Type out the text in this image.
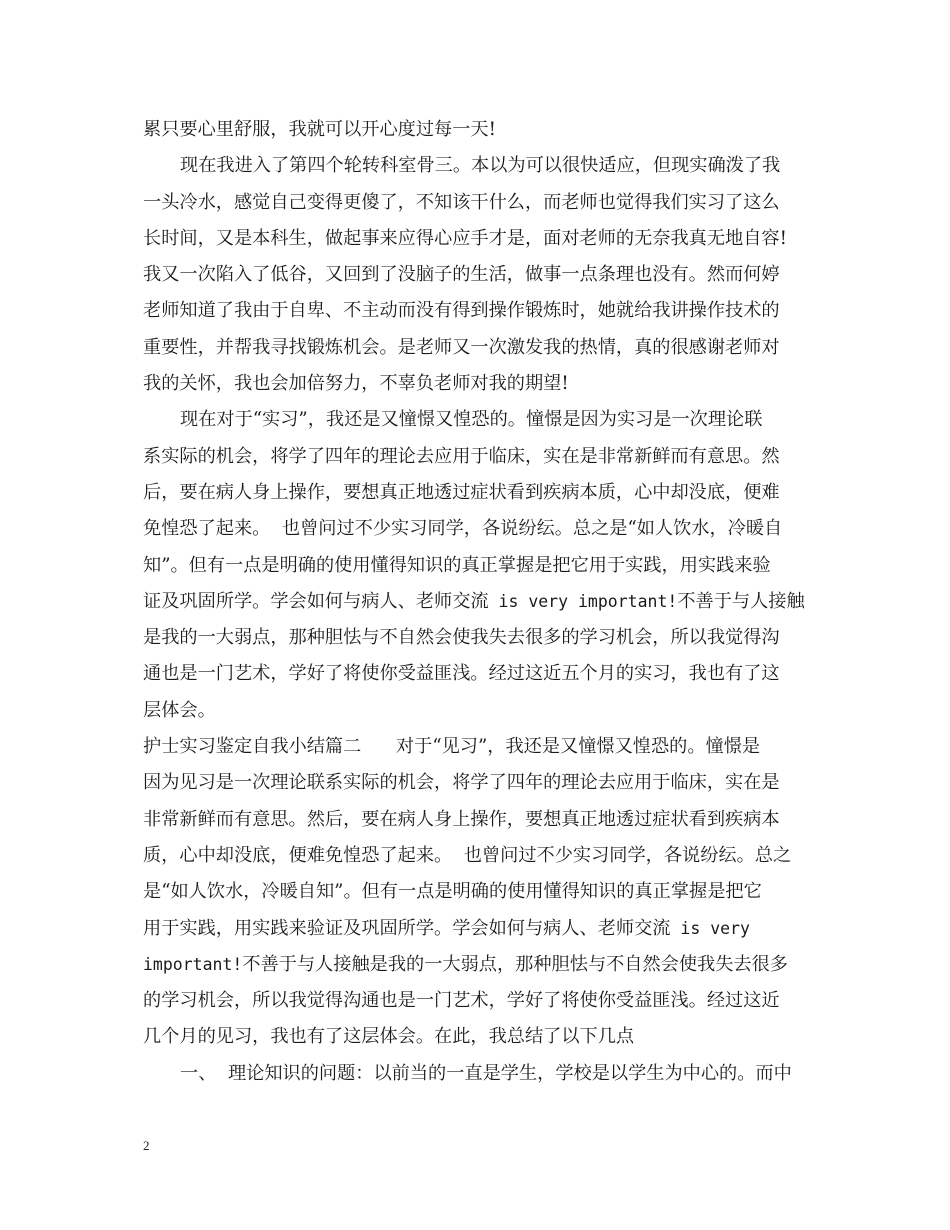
累只要心里舒服，我就可以开心度过每一天!
现在我进入了第四个轮转科室骨三。本以为可以很快适应，但现实确泼了我
一头冷水，感觉自己变得更傻了，不知该干什么，而老师也觉得我们实习了这么
长时间，又是本科生，做起事来应得心应手才是，面对老师的无奈我真无地自容!
我又一次陷入了低谷，又回到了没脑子的生活，做事一点条理也没有。然而何婷
老师知道了我由于自卑、不主动而没有得到操作锻炼时，她就给我讲操作技术的
重要性，并帮我寻找锻炼机会。是老师又一次激发我的热情，真的很感谢老师对
我的关怀，我也会加倍努力，不辜负老师对我的期望!
现在对于“实习”，我还是又憧憬又惶恐的。憧憬是因为实习是一次理论联
系实际的机会，将学了四年的理论去应用于临床，实在是非常新鲜而有意思。然
后，要在病人身上操作，要想真正地透过症状看到疾病本质，心中却没底，便难
免惶恐了起来。  也曾问过不少实习同学，各说纷纭。总之是“如人饮水，冷暖自
知”。但有一点是明确的使用懂得知识的真正掌握是把它用于实践，用实践来验
证及巩固所学。学会如何与病人、老师交流 is very important!不善于与人接触
是我的一大弱点，那种胆怯与不自然会使我失去很多的学习机会，所以我觉得沟
通也是一门艺术，学好了将使你受益匪浅。经过这近五个月的实习，我也有了这
层体会。
护士实习鉴定自我小结篇二      对于“见习”，我还是又憧憬又惶恐的。憧憬是
因为见习是一次理论联系实际的机会，将学了四年的理论去应用于临床，实在是
非常新鲜而有意思。然后，要在病人身上操作，要想真正地透过症状看到疾病本
质，心中却没底，便难免惶恐了起来。  也曾问过不少实习同学，各说纷纭。总之
是“如人饮水，冷暖自知”。但有一点是明确的使用懂得知识的真正掌握是把它
用于实践，用实践来验证及巩固所学。学会如何与病人、老师交流 is very
important!不善于与人接触是我的一大弱点，那种胆怯与不自然会使我失去很多
的学习机会，所以我觉得沟通也是一门艺术，学好了将使你受益匪浅。经过这近
几个月的见习，我也有了这层体会。在此，我总结了以下几点
一、  理论知识的问题：以前当的一直是学生，学校是以学生为中心的。而中
2
